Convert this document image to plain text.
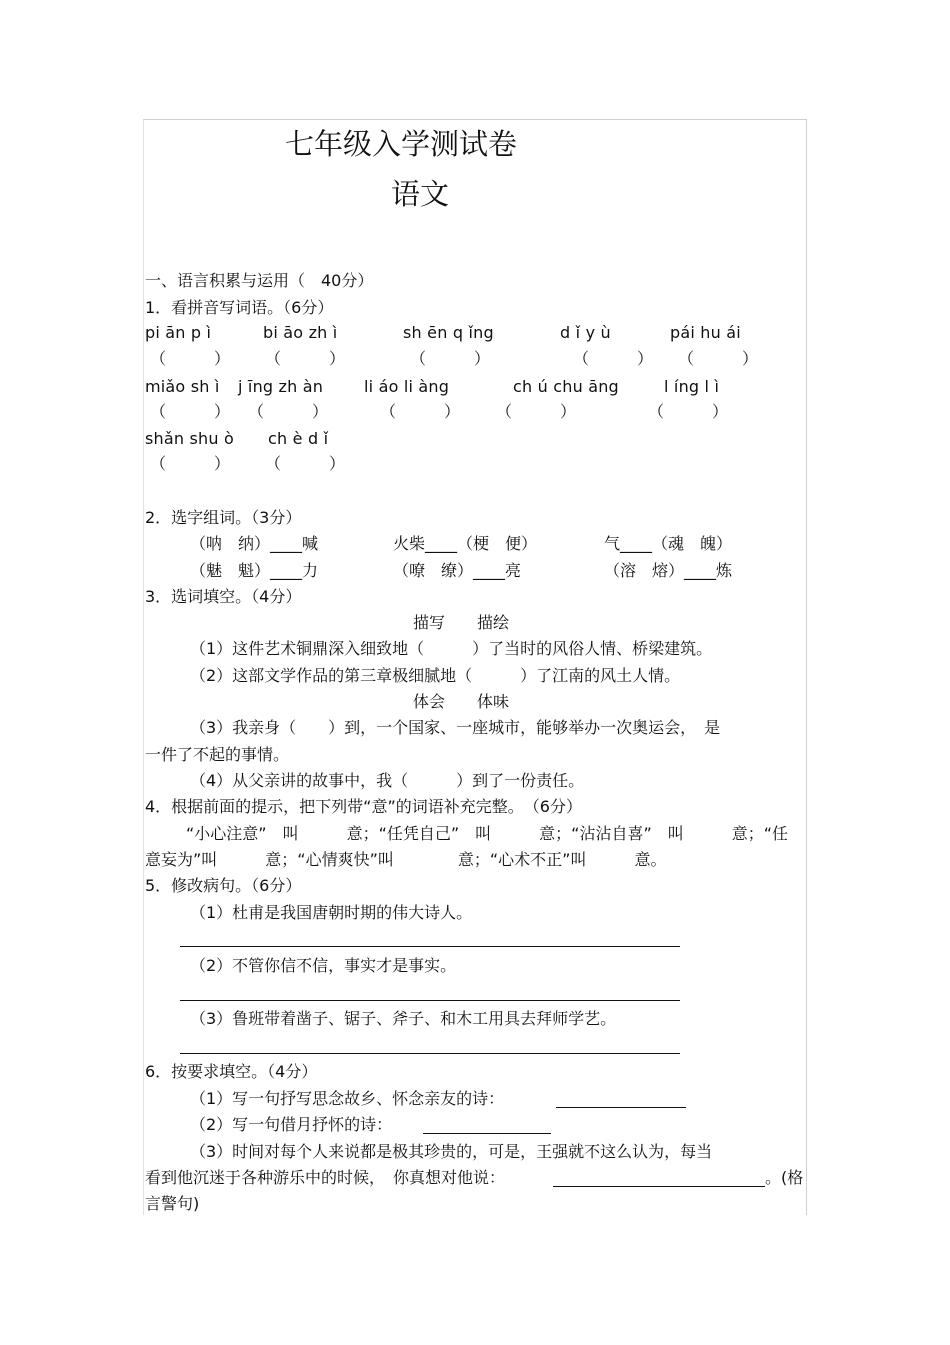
七年级入学测试卷
语文
一、语言积累与运用（　40分）
1．看拼音写词语。（6分）
pi ān p ì	bi āo zh ì	sh ēn q ǐng	d ǐ y ù	pái hu ái
（　　　） （　　　）	（　　　）	（　　　） （　　　）
miǎo sh ì j īng zh àn	li áo li àng	ch ú chu āng	l íng l ì
（　　　） （　　　）	（　　　） （　　　）	（　　　）
shǎn shu ò ch è d ǐ
（　　　） （　　　）
2．选字组词。（3分）
（呐　纳）____喊	火柴____（梗　便）	气____（魂　魄）
（魅　魁）____力	（嘹　缭）____亮	（溶　熔）____炼
3．选词填空。（4分）
描写　　描绘
（1）这件艺术铜鼎深入细致地（　　　）了当时的风俗人情、桥梁建筑。
（2）这部文学作品的第三章极细腻地（　　　）了江南的风土人情。
体会　　体味
（3）我亲身（　　）到，一个国家、一座城市，能够举办一次奥运会，　是
一件了不起的事情。
（4）从父亲讲的故事中，我（　　　）到了一份责任。
4．根据前面的提示，把下列带“意”的词语补充完整。　（6分）
“小心注意”　叫　　　意；“任凭自己”　叫　　　意；“沾沾自喜”　叫　　　意；“任
意妄为”叫　　　意；“心情爽快”叫　　　　意；“心术不正”叫　　　意。
5．修改病句。（6分）
（1）杜甫是我国唐朝时期的伟大诗人。
（2）不管你信不信，事实才是事实。
（3）鲁班带着凿子、锯子、斧子、和木工用具去拜师学艺。
6．按要求填空。（4分）
（1）写一句抒写思念故乡、怀念亲友的诗：
（2）写一句借月抒怀的诗：
（3）时间对每个人来说都是极其珍贵的，可是，王强就不这么认为，每当
看到他沉迷于各种游乐中的时候，　你真想对他说：	。(格
言警句)
